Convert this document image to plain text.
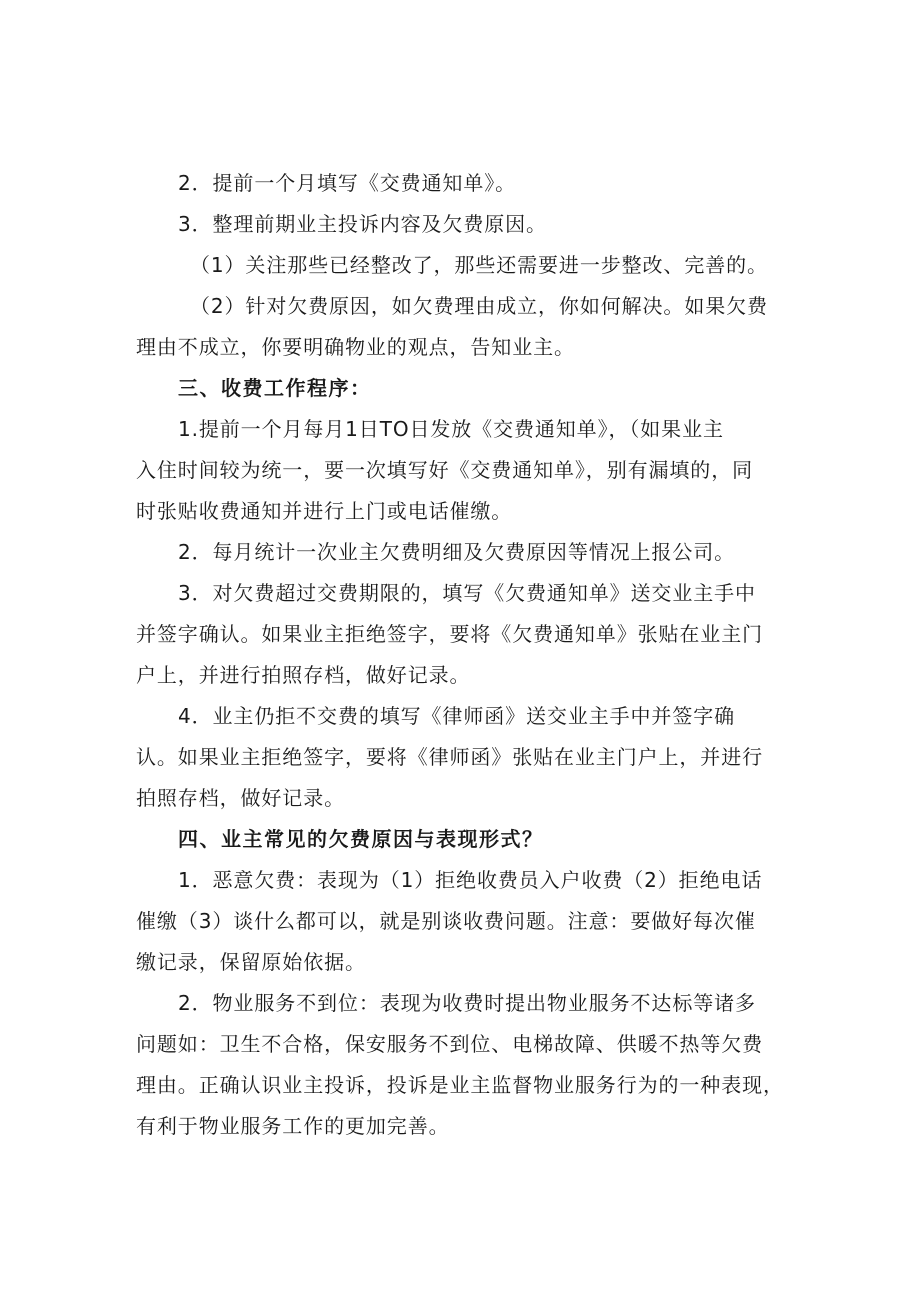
2．提前一个月填写《交费通知单》。
3．整理前期业主投诉内容及欠费原因。
（1）关注那些已经整改了，那些还需要进一步整改、完善的。
（2）针对欠费原因，如欠费理由成立，你如何解决。如果欠费
理由不成立，你要明确物业的观点，告知业主。
三、收费工作程序：
1.提前一个月每月1日TO日发放《交费通知单》，（如果业主
入住时间较为统一，要一次填写好《交费通知单》，别有漏填的，同
时张贴收费通知并进行上门或电话催缴。
2．每月统计一次业主欠费明细及欠费原因等情况上报公司。
3．对欠费超过交费期限的，填写《欠费通知单》送交业主手中
并签字确认。如果业主拒绝签字，要将《欠费通知单》张贴在业主门
户上，并进行拍照存档，做好记录。
4．业主仍拒不交费的填写《律师函》送交业主手中并签字确
认。如果业主拒绝签字，要将《律师函》张贴在业主门户上，并进行
拍照存档，做好记录。
四、业主常见的欠费原因与表现形式？
1．恶意欠费：表现为（1）拒绝收费员入户收费（2）拒绝电话
催缴（3）谈什么都可以，就是别谈收费问题。注意：要做好每次催
缴记录，保留原始依据。
2．物业服务不到位：表现为收费时提出物业服务不达标等诸多
问题如：卫生不合格，保安服务不到位、电梯故障、供暖不热等欠费
理由。正确认识业主投诉，投诉是业主监督物业服务行为的一种表现，
有利于物业服务工作的更加完善。
